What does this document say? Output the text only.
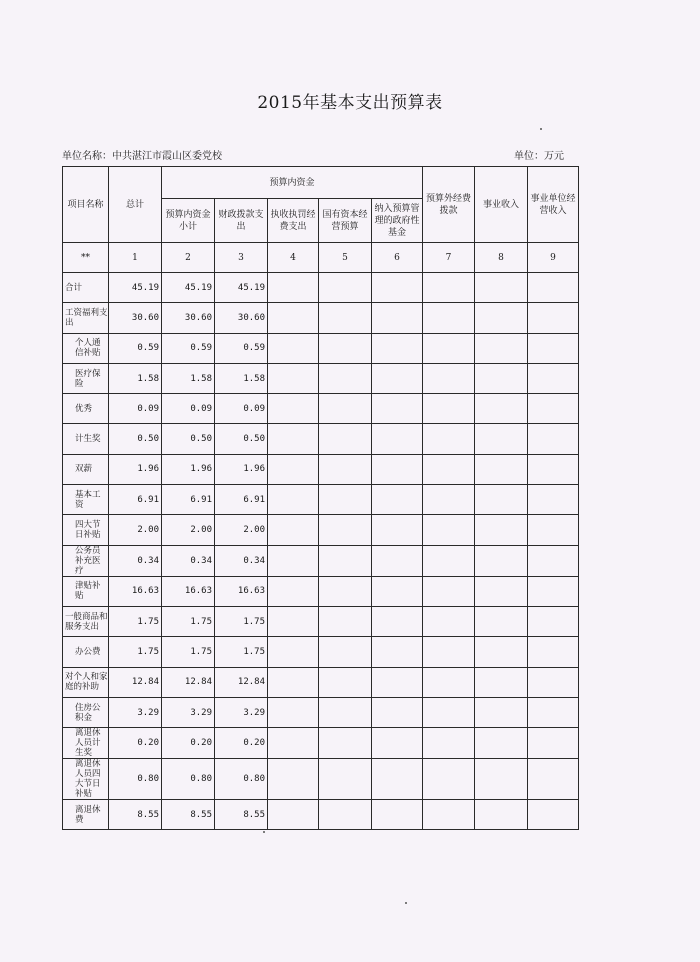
2015年基本支出预算表
单位名称：中共湛江市霞山区委党校	单位：万元
项目名称	总计	预算内资金					预算外经费拨款	事业收入	事业单位经营收入
		预算内资金小计	财政拨款支出	执收执罚经费支出	国有资本经营预算	纳入预算管理的政府性基金			
**	1	2	3	4	5	6	7	8	9
合计	45.19	45.19	45.19						
工资福利支出	30.60	30.60	30.60						
个人通信补贴	0.59	0.59	0.59						
医疗保险	1.58	1.58	1.58						
优秀	0.09	0.09	0.09						
计生奖	0.50	0.50	0.50						
双薪	1.96	1.96	1.96						
基本工资	6.91	6.91	6.91						
四大节日补贴	2.00	2.00	2.00						
公务员补充医疗	0.34	0.34	0.34						
津贴补贴	16.63	16.63	16.63						
一般商品和服务支出	1.75	1.75	1.75						
办公费	1.75	1.75	1.75						
对个人和家庭的补助	12.84	12.84	12.84						
住房公积金	3.29	3.29	3.29						
离退休人员计生奖	0.20	0.20	0.20						
离退休人员四大节日补贴	0.80	0.80	0.80						
离退休费	8.55	8.55	8.55						
